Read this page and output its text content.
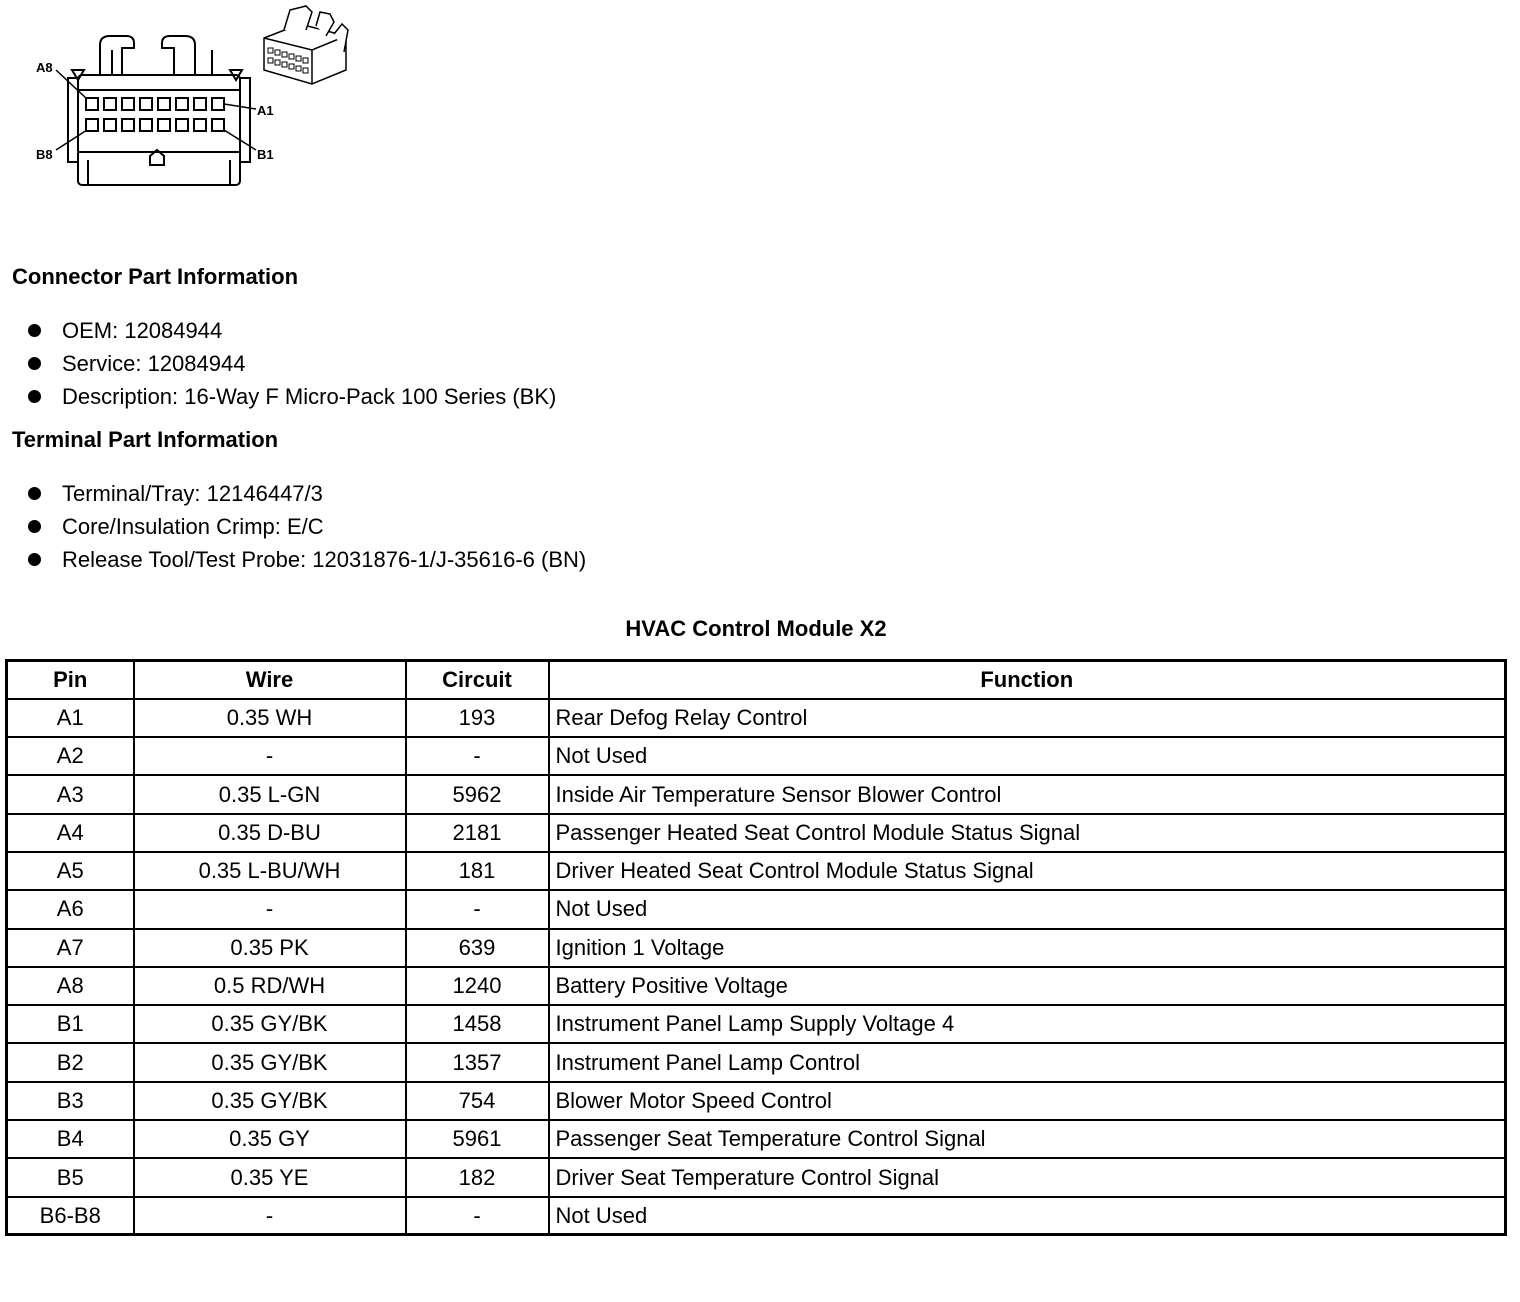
A8
A1
B8	B1
Connector Part Information
OEM: 12084944
Service: 12084944
Description: 16-Way F Micro-Pack 100 Series (BK)
Terminal Part Information
Terminal/Tray: 12146447/3
Core/Insulation Crimp: E/C
Release Tool/Test Probe: 12031876-1/J-35616-6 (BN)
HVAC Control Module X2
Pin	Wire	Circuit	Function
A1	0.35 WH	193	Rear Defog Relay Control
A2	-	-	Not Used
A3	0.35 L-GN	5962	Inside Air Temperature Sensor Blower Control
A4	0.35 D-BU	2181	Passenger Heated Seat Control Module Status Signal
A5	0.35 L-BU/WH	181	Driver Heated Seat Control Module Status Signal
A6	-	-	Not Used
A7	0.35 PK	639	Ignition 1 Voltage
A8	0.5 RD/WH	1240	Battery Positive Voltage
B1	0.35 GY/BK	1458	Instrument Panel Lamp Supply Voltage 4
B2	0.35 GY/BK	1357	Instrument Panel Lamp Control
B3	0.35 GY/BK	754	Blower Motor Speed Control
B4	0.35 GY	5961	Passenger Seat Temperature Control Signal
B5	0.35 YE	182	Driver Seat Temperature Control Signal
B6-B8	-	-	Not Used
